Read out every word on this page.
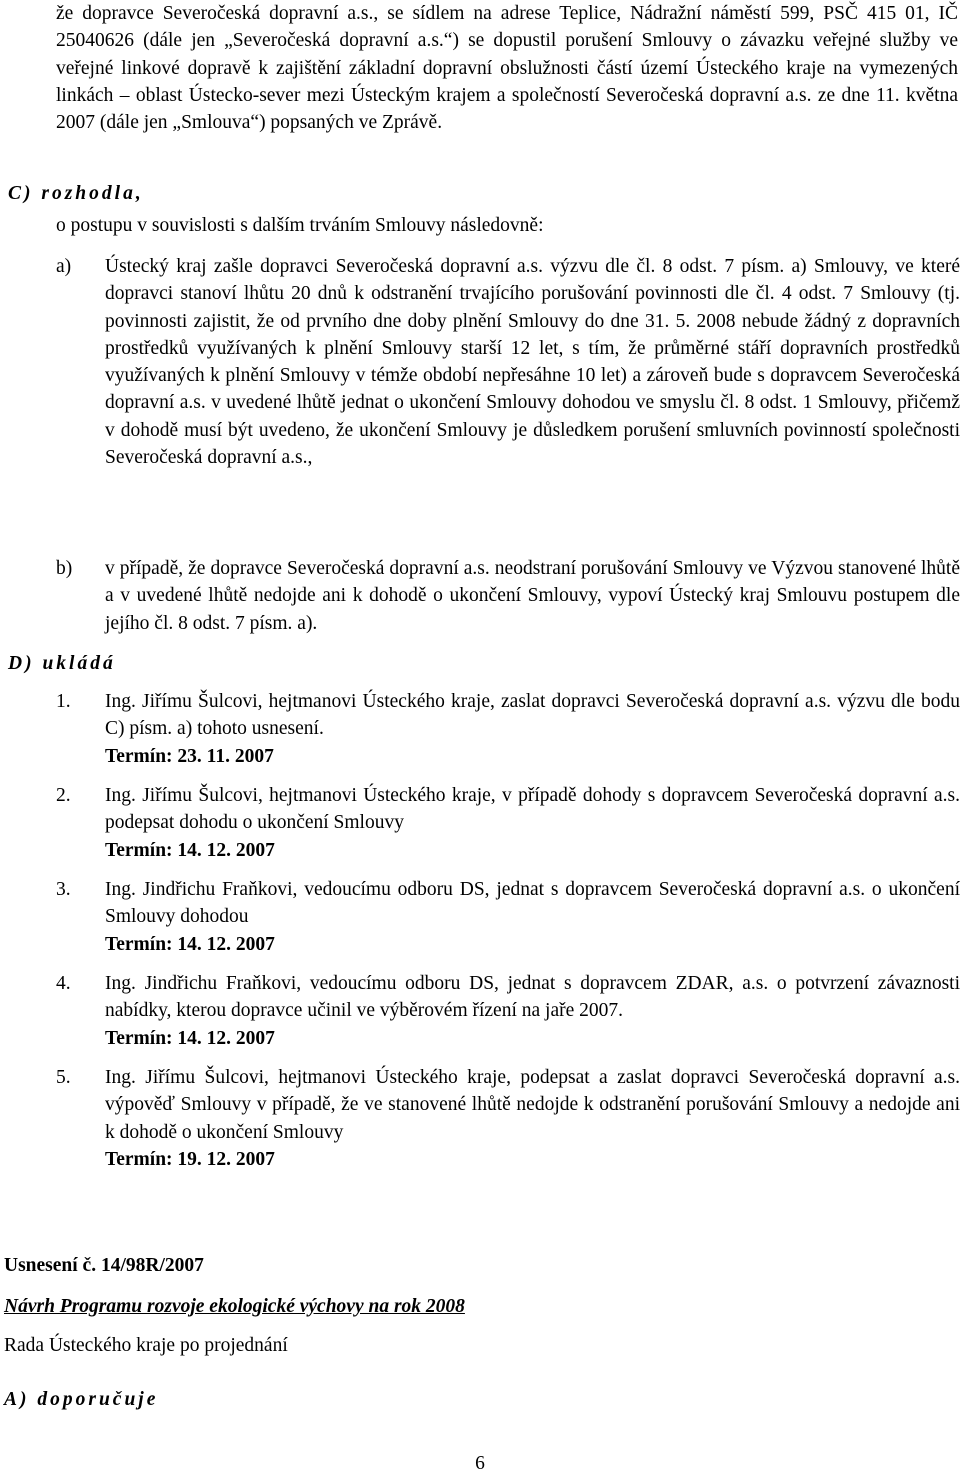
že dopravce Severočeská dopravní a.s., se sídlem na adrese Teplice, Nádražní náměstí 599, PSČ 415 01, IČ 25040626 (dále jen „Severočeská dopravní a.s.“) se dopustil porušení Smlouvy o závazku veřejné služby ve veřejné linkové dopravě k zajištění základní dopravní obslužnosti částí území Ústeckého kraje na vymezených linkách – oblast Ústecko-sever mezi Ústeckým krajem a společností Severočeská dopravní a.s. ze dne 11. května 2007 (dále jen „Smlouva“) popsaných ve Zprávě.
C) rozhodla,
o postupu v souvislosti s dalším trváním Smlouvy následovně:
a) Ústecký kraj zašle dopravci Severočeská dopravní a.s. výzvu dle čl. 8 odst. 7 písm. a) Smlouvy, ve které dopravci stanoví lhůtu 20 dnů k odstranění trvajícího porušování povinnosti dle čl. 4 odst. 7 Smlouvy (tj. povinnosti zajistit, že od prvního dne doby plnění Smlouvy do dne 31. 5. 2008 nebude žádný z dopravních prostředků využívaných k plnění Smlouvy starší 12 let, s tím, že průměrné stáří dopravních prostředků využívaných k plnění Smlouvy v témže období nepřesáhne 10 let) a zároveň bude s dopravcem Severočeská dopravní a.s. v uvedené lhůtě jednat o ukončení Smlouvy dohodou ve smyslu čl. 8 odst. 1 Smlouvy, přičemž v dohodě musí být uvedeno, že ukončení Smlouvy je důsledkem porušení smluvních povinností společnosti Severočeská dopravní a.s.,
b) v případě, že dopravce Severočeská dopravní a.s. neodstraní porušování Smlouvy ve Výzvou stanovené lhůtě a v uvedené lhůtě nedojde ani k dohodě o ukončení Smlouvy, vypoví Ústecký kraj Smlouvu postupem dle jejího čl. 8 odst. 7 písm. a).
D) ukládá
1. Ing. Jiřímu Šulcovi, hejtmanovi Ústeckého kraje, zaslat dopravci Severočeská dopravní a.s. výzvu dle bodu C) písm. a) tohoto usnesení.
Termín: 23. 11. 2007
2. Ing. Jiřímu Šulcovi, hejtmanovi Ústeckého kraje, v případě dohody s dopravcem Severočeská dopravní a.s. podepsat dohodu o ukončení Smlouvy
Termín: 14. 12. 2007
3. Ing. Jindřichu Fraňkovi, vedoucímu odboru DS, jednat s dopravcem Severočeská dopravní a.s. o ukončení Smlouvy dohodou
Termín: 14. 12. 2007
4. Ing. Jindřichu Fraňkovi, vedoucímu odboru DS, jednat s dopravcem ZDAR, a.s. o potvrzení závaznosti nabídky, kterou dopravce učinil ve výběrovém řízení na jaře 2007.
Termín: 14. 12. 2007
5. Ing. Jiřímu Šulcovi, hejtmanovi Ústeckého kraje, podepsat a zaslat dopravci Severočeská dopravní a.s. výpověď Smlouvy v případě, že ve stanovené lhůtě nedojde k odstranění porušování Smlouvy a nedojde ani k dohodě o ukončení Smlouvy
Termín: 19. 12. 2007
Usnesení č. 14/98R/2007
Návrh Programu rozvoje ekologické výchovy na rok 2008
Rada Ústeckého kraje po projednání
A) doporučuje
6
